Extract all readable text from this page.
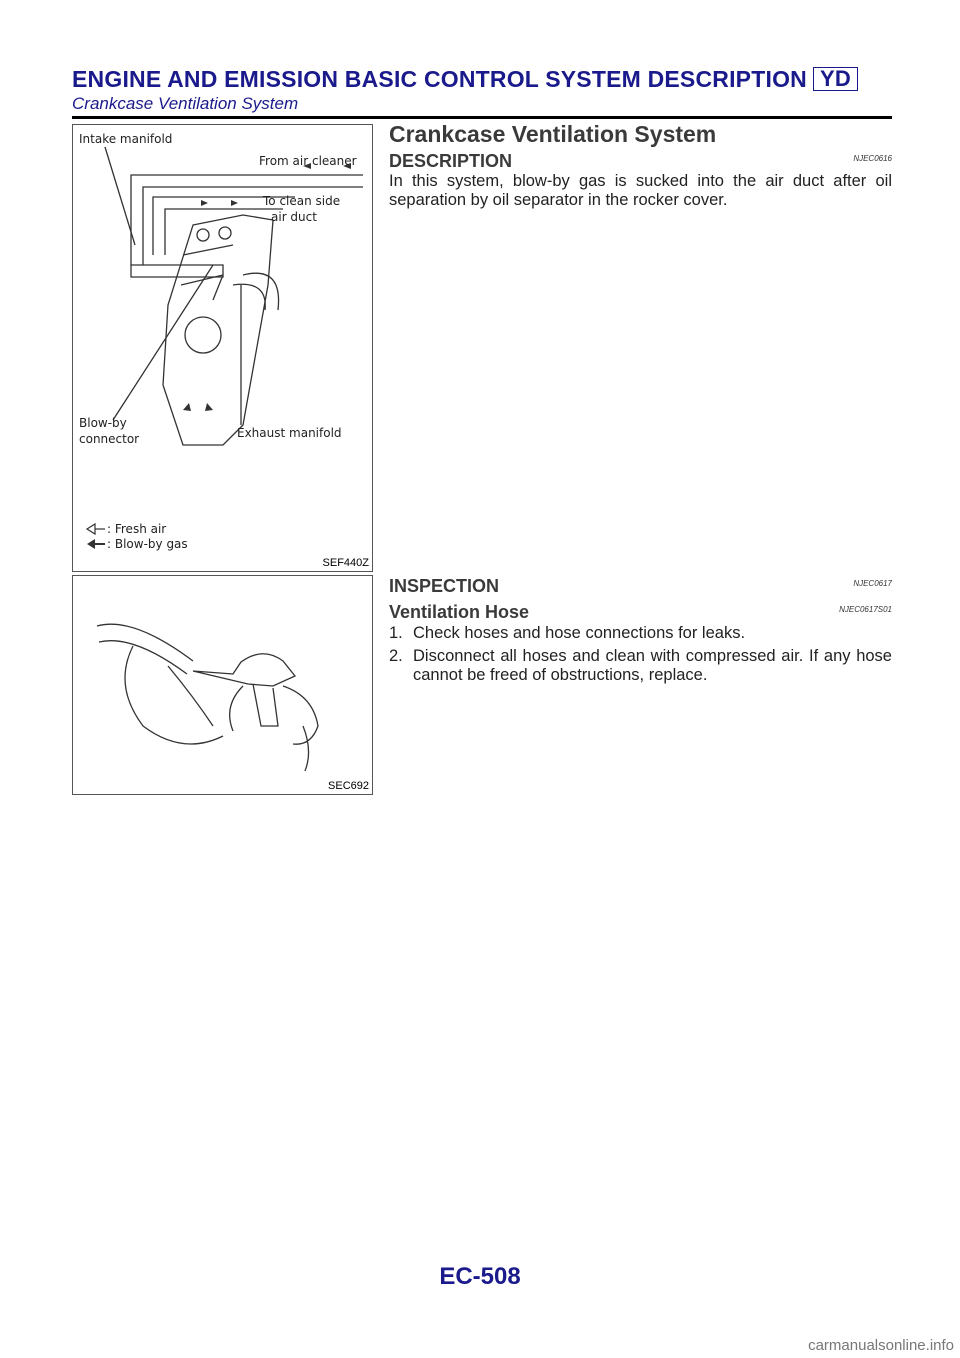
ENGINE AND EMISSION BASIC CONTROL SYSTEM DESCRIPTION YD

Crankcase Ventilation System

Intake manifold
From air cleaner
To clean side
air duct
Blow-by
connector	Exhaust manifold
: Fresh air
: Blow-by gas
SEF440Z
SEC692
Crankcase Ventilation System
DESCRIPTION	NJEC0616

In this system, blow-by gas is sucked into the air duct after oil separation by oil separator in the rocker cover.

INSPECTION	NJEC0617
Ventilation Hose	NJEC0617S01
1. Check hoses and hose connections for leaks.
2. Disconnect all hoses and clean with compressed air. If any hose cannot be freed of obstructions, replace.
EC-508
carmanualsonline.info
